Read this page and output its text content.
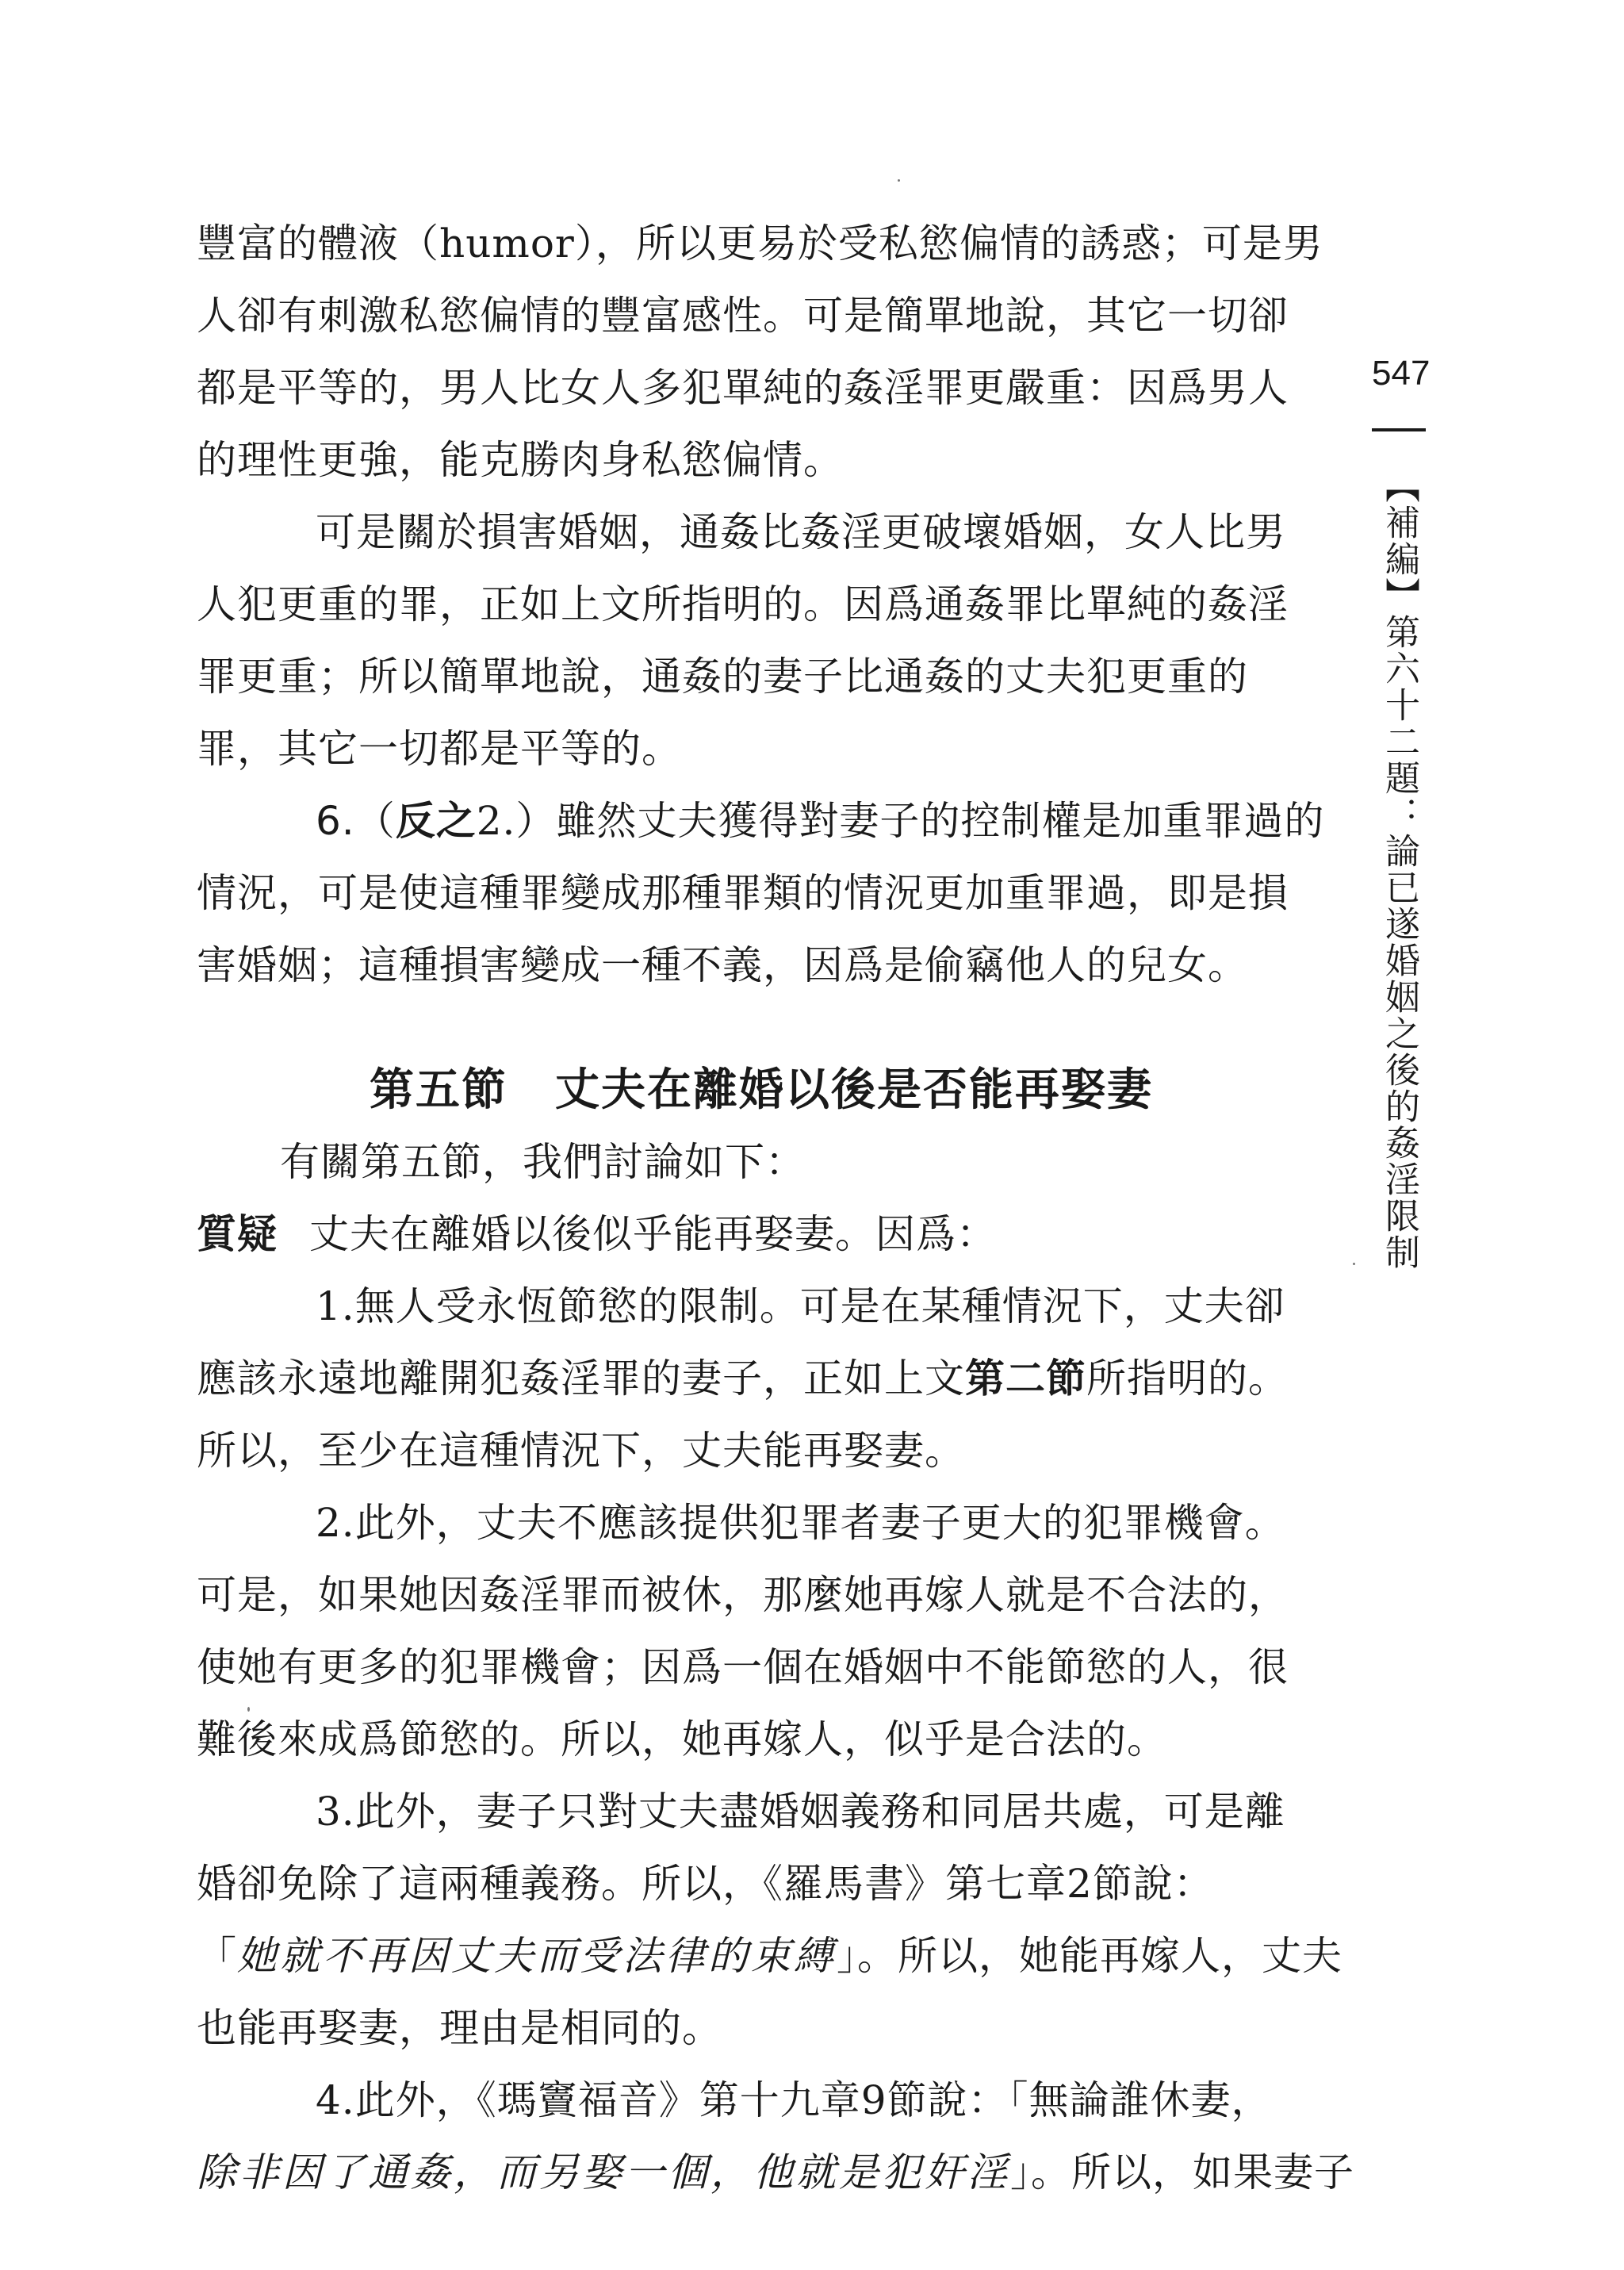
547
【補編】第六十二題：論已遂婚姻之後的姦淫限制
豐富的體液（humor），所以更易於受私慾偏情的誘惑；可是男
人卻有刺激私慾偏情的豐富感性。可是簡單地說，其它一切卻
都是平等的，男人比女人多犯單純的姦淫罪更嚴重：因爲男人
的理性更強，能克勝肉身私慾偏情。
可是關於損害婚姻，通姦比姦淫更破壞婚姻，女人比男
人犯更重的罪，正如上文所指明的。因爲通姦罪比單純的姦淫
罪更重；所以簡單地說，通姦的妻子比通姦的丈夫犯更重的
罪，其它一切都是平等的。
6.（反之2.）雖然丈夫獲得對妻子的控制權是加重罪過的
情況，可是使這種罪變成那種罪類的情況更加重罪過，即是損
害婚姻；這種損害變成一種不義，因爲是偷竊他人的兒女。
第五節 丈夫在離婚以後是否能再娶妻
有關第五節，我們討論如下：
質疑 丈夫在離婚以後似乎能再娶妻。因爲：
1.無人受永恆節慾的限制。可是在某種情況下，丈夫卻
應該永遠地離開犯姦淫罪的妻子，正如上文第二節所指明的。
所以，至少在這種情況下，丈夫能再娶妻。
2.此外，丈夫不應該提供犯罪者妻子更大的犯罪機會。
可是，如果她因姦淫罪而被休，那麼她再嫁人就是不合法的，
使她有更多的犯罪機會；因爲一個在婚姻中不能節慾的人，很
難後來成爲節慾的。所以，她再嫁人，似乎是合法的。
3.此外，妻子只對丈夫盡婚姻義務和同居共處，可是離
婚卻免除了這兩種義務。所以，《羅馬書》第七章2節說：
「她就不再因丈夫而受法律的束縛」。所以，她能再嫁人，丈夫
也能再娶妻，理由是相同的。
4.此外，《瑪竇福音》第十九章9節說：「無論誰休妻，
除非因了通姦，而另娶一個，他就是犯奸淫」。所以，如果妻子
